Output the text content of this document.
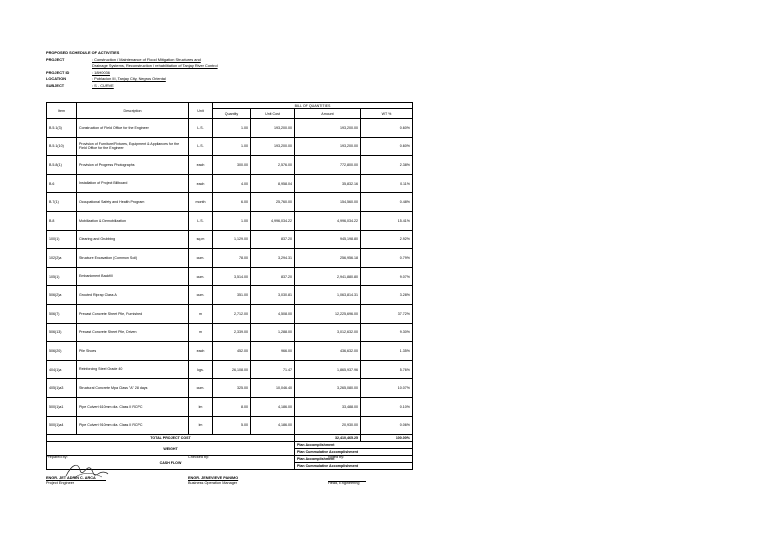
PROPOSED SCHEDULE OF ACTIVITIES
PROJECT	: Construction / Maintenance of Flood Mitigation Structures and
Drainage Systems, Reconstruction / rehabilitation of Tanjay River Control
PROJECT ID	: 18H0036
LOCATION	: Poblacion III, Tanjay City, Negros Oriental
SUBJECT	: S - CURVE
Item	Description	Unit	BILL OF QUANTITIES			
			Quantity	Unit Cost	Amount	WT %
B.5.1(3)	Construction of Field Office for the Engineer	L.S.	1.00	193,200.00	193,200.00	0.60%
B.5.1(10)	Provision of Furniture/Fixtures, Equipment & Appliances for the Field Office for the Engineer	L.S.	1.00	193,200.00	193,200.00	0.60%
B.5.8(1)	Provision of Progress Photographs	each	300.00	2,576.00	772,800.00	2.38%
B.6	Installation of Project Billboard	each	4.00	8,958.04	35,832.16	0.11%
B.7(1)	Occupational Safety and Health Program	month	6.00	25,760.00	154,560.00	0.48%
B.8	Mobilization & Demobilization	L.S.	1.00	4,996,034.22	4,996,034.22	15.41%
100(1)	Clearing and Grubbing	sq.m	1,129.00	837.20	945,198.80	2.92%
102(2)a	Structure Excavation (Common Soil)	cum.	78.00	3,294.31	256,956.18	0.79%
105(1)	Embankment Backfill	cum.	3,514.00	837.20	2,941,880.80	9.07%
506(2)a	Grouted Riprap Class A	cum.	351.00	3,030.81	1,063,814.31	3.28%
506(7)	Precast Concrete Sheet Pile, Furnished	m	2,712.00	4,508.00	12,225,696.00	37.72%
506(13)	Precast Concrete Sheet Pile, Driven	m	2,339.00	1,288.00	3,012,632.00	9.30%
506(20)	Pile Shoes	each	452.00	966.00	436,632.00	1.35%
404(1)a	Reinforcing Steel Grade 40	kgs.	26,108.00	71.47	1,865,937.96	5.76%
405(1)a3	Structural Concrete Mpa Class "A" 28 days	cum.	325.00	10,046.40	3,265,080.00	10.07%
500(1)a1	Pipe Culvert 610mm dia. Class II RCPC	lm	8.00	4,186.00	33,488.00	0.10%
500(1)a4	Pipe Culvert 910mm dia. Class II RCPC	lm	5.00	4,186.00	20,930.00	0.06%
TOTAL PROJECT COST					32,410,465.25	100.00%
WEIGHT					Plan Accomplishment	
					Plan Cummulative Accomplishment	
CASH FLOW					Plan Accomplishment	
					Plan Cummulative Accomplishment	
Prepared by:
ENGR. JET ADRIN C. ARCA
Project Engineer
Checked by:
ENGR. JENEVIEVE PANIMO
Business Operation Manager
Noted by:
Head, Engineering
